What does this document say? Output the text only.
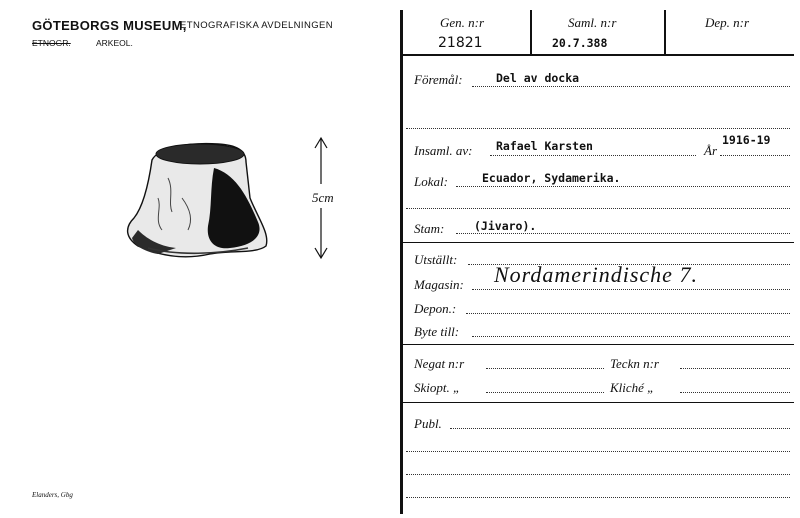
GÖTEBORGS MUSEUM,
ETNOGRAFISKA AVDELNINGEN
ETNOGR.	ARKEOL.
5cm
Elanders, Gbg
Gen. n:r
21821
Saml. n:r
20.7.388
Dep. n:r
Föremål:	Del av docka
Insaml. av: Rafael Karsten	År
1916-19
Lokal:	Ecuador, Sydamerika.
Stam:	(Jivaro).
Utställt:
Magasin: Nordamerindische 7.
Depon.:
Byte till:
Negat n:r	Teckn n:r
Skiopt. „	Kliché „
Publ.
